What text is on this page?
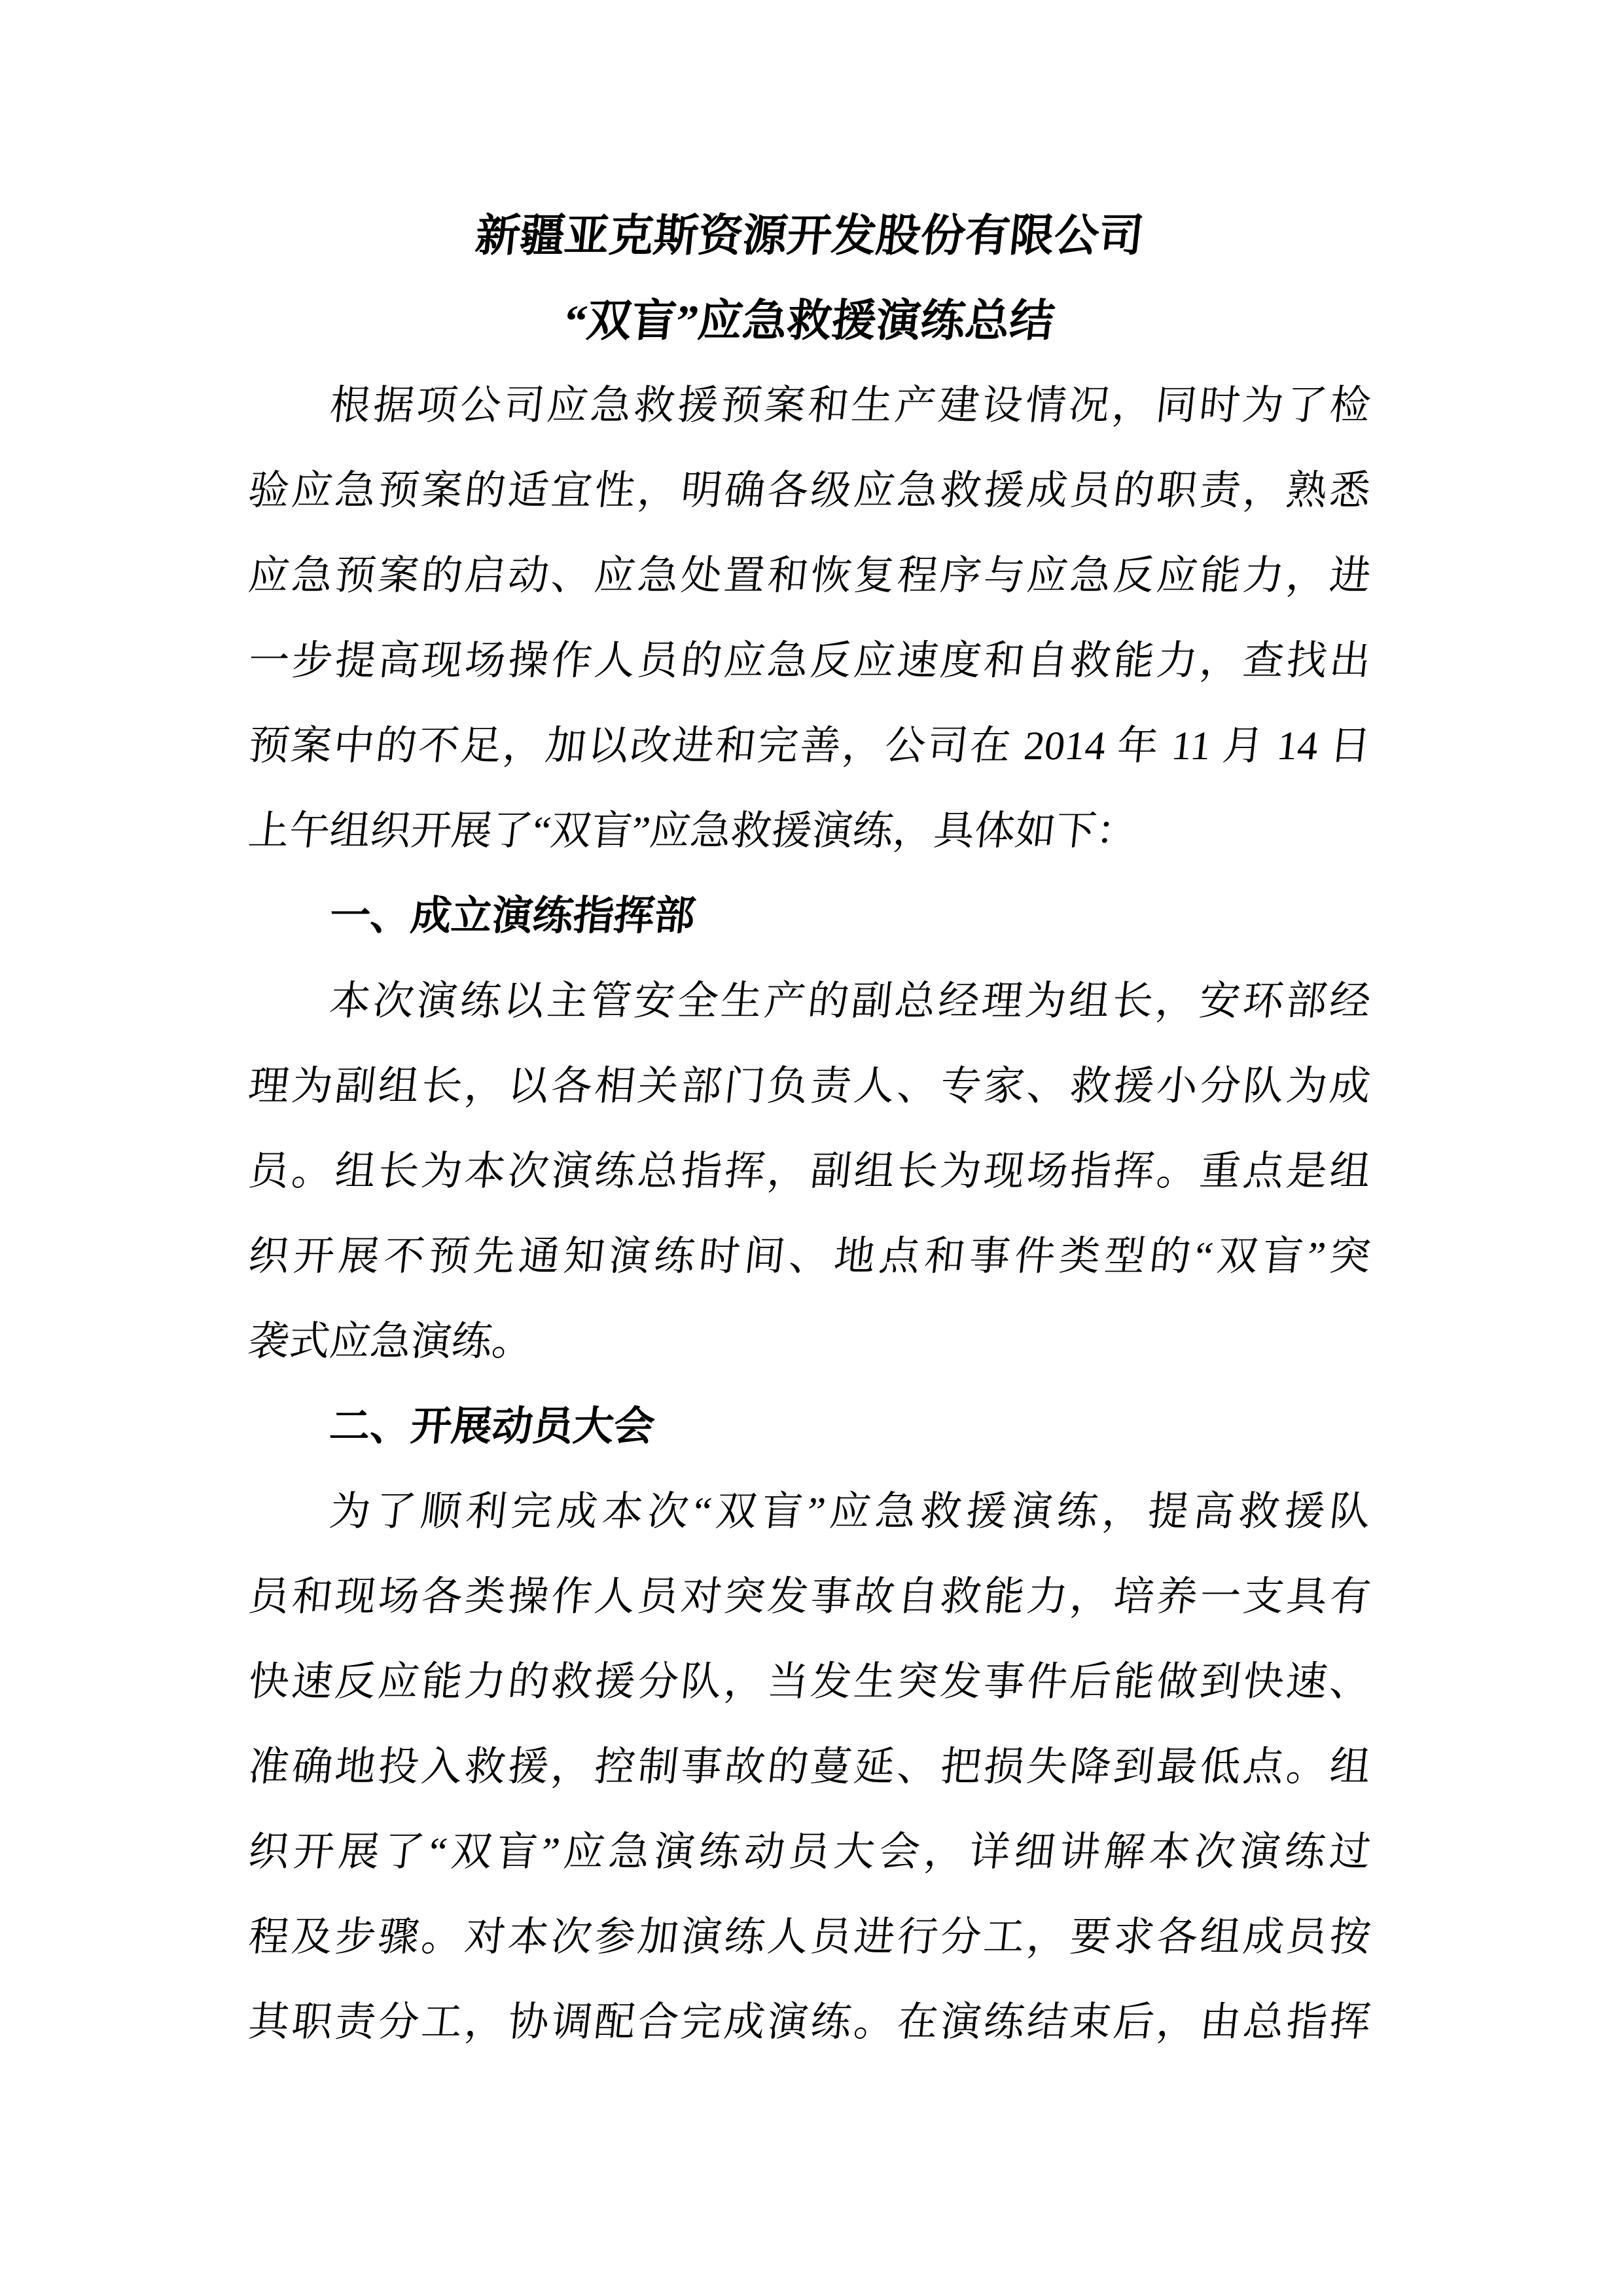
新疆亚克斯资源开发股份有限公司
“双盲”应急救援演练总结
根据项公司应急救援预案和生产建设情况，同时为了检
验应急预案的适宜性，明确各级应急救援成员的职责，熟悉
应急预案的启动、应急处置和恢复程序与应急反应能力，进
一步提高现场操作人员的应急反应速度和自救能力，查找出
预案中的不足，加以改进和完善，公司在 2014 年 11 月 14 日
上午组织开展了“双盲”应急救援演练，具体如下：
一、成立演练指挥部
本次演练以主管安全生产的副总经理为组长，安环部经
理为副组长，以各相关部门负责人、专家、救援小分队为成
员。组长为本次演练总指挥，副组长为现场指挥。重点是组
织开展不预先通知演练时间、地点和事件类型的“双盲”突
袭式应急演练。
二、开展动员大会
为了顺利完成本次“双盲”应急救援演练，提高救援队
员和现场各类操作人员对突发事故自救能力，培养一支具有
快速反应能力的救援分队，当发生突发事件后能做到快速、
准确地投入救援，控制事故的蔓延、把损失降到最低点。组
织开展了“双盲”应急演练动员大会，详细讲解本次演练过
程及步骤。对本次参加演练人员进行分工，要求各组成员按
其职责分工，协调配合完成演练。在演练结束后，由总指挥
